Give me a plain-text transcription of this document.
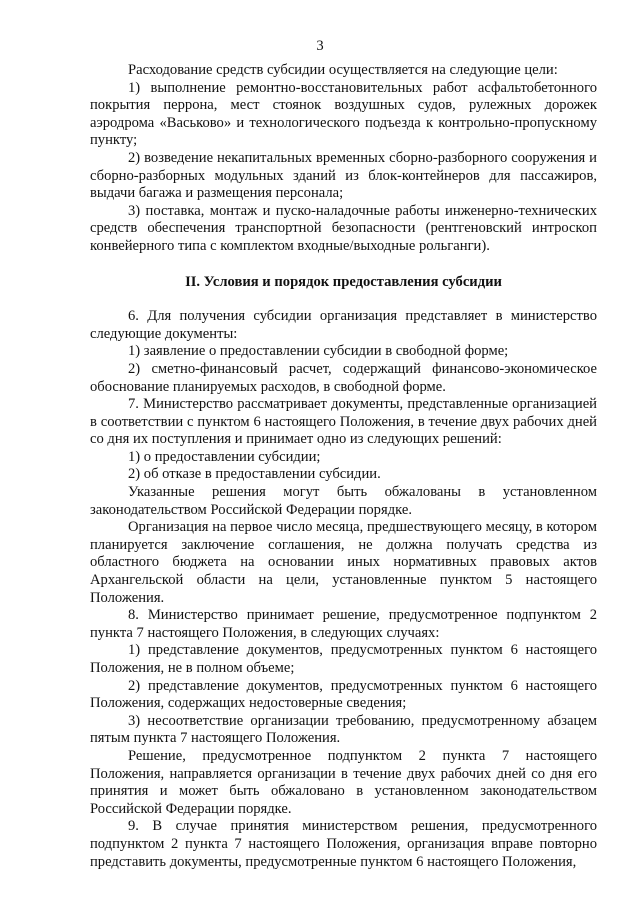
3

Расходование средств субсидии осуществляется на следующие цели:

1) выполнение ремонтно-восстановительных работ асфальтобетонного покрытия перрона, мест стоянок воздушных судов, рулежных дорожек аэродрома «Васьково» и технологического подъезда к контрольно-пропускному пункту;

2) возведение некапитальных временных сборно-разборного сооружения и сборно-разборных модульных зданий из блок-контейнеров для пассажиров, выдачи багажа и размещения персонала;

3) поставка, монтаж и пуско-наладочные работы инженерно-технических средств обеспечения транспортной безопасности (рентгеновский интроскоп конвейерного типа с комплектом входные/выходные рольганги).

II. Условия и порядок предоставления субсидии

6. Для получения субсидии организация представляет в министерство следующие документы:

1) заявление о предоставлении субсидии в свободной форме;

2) сметно-финансовый расчет, содержащий финансово-экономическое обоснование планируемых расходов, в свободной форме.

7. Министерство рассматривает документы, представленные организацией в соответствии с пунктом 6 настоящего Положения, в течение двух рабочих дней со дня их поступления и принимает одно из следующих решений:

1) о предоставлении субсидии;

2) об отказе в предоставлении субсидии.

Указанные решения могут быть обжалованы в установленном законодательством Российской Федерации порядке.

Организация на первое число месяца, предшествующего месяцу, в котором планируется заключение соглашения, не должна получать средства из областного бюджета на основании иных нормативных правовых актов Архангельской области на цели, установленные пунктом 5 настоящего Положения.

8. Министерство принимает решение, предусмотренное подпунктом 2 пункта 7 настоящего Положения, в следующих случаях:

1) представление документов, предусмотренных пунктом 6 настоящего Положения, не в полном объеме;

2) представление документов, предусмотренных пунктом 6 настоящего Положения, содержащих недостоверные сведения;

3) несоответствие организации требованию, предусмотренному абзацем пятым пункта 7 настоящего Положения.

Решение, предусмотренное подпунктом 2 пункта 7 настоящего Положения, направляется организации в течение двух рабочих дней со дня его принятия и может быть обжаловано в установленном законодательством Российской Федерации порядке.

9. В случае принятия министерством решения, предусмотренного подпунктом 2 пункта 7 настоящего Положения, организация вправе повторно представить документы, предусмотренные пунктом 6 настоящего Положения,
